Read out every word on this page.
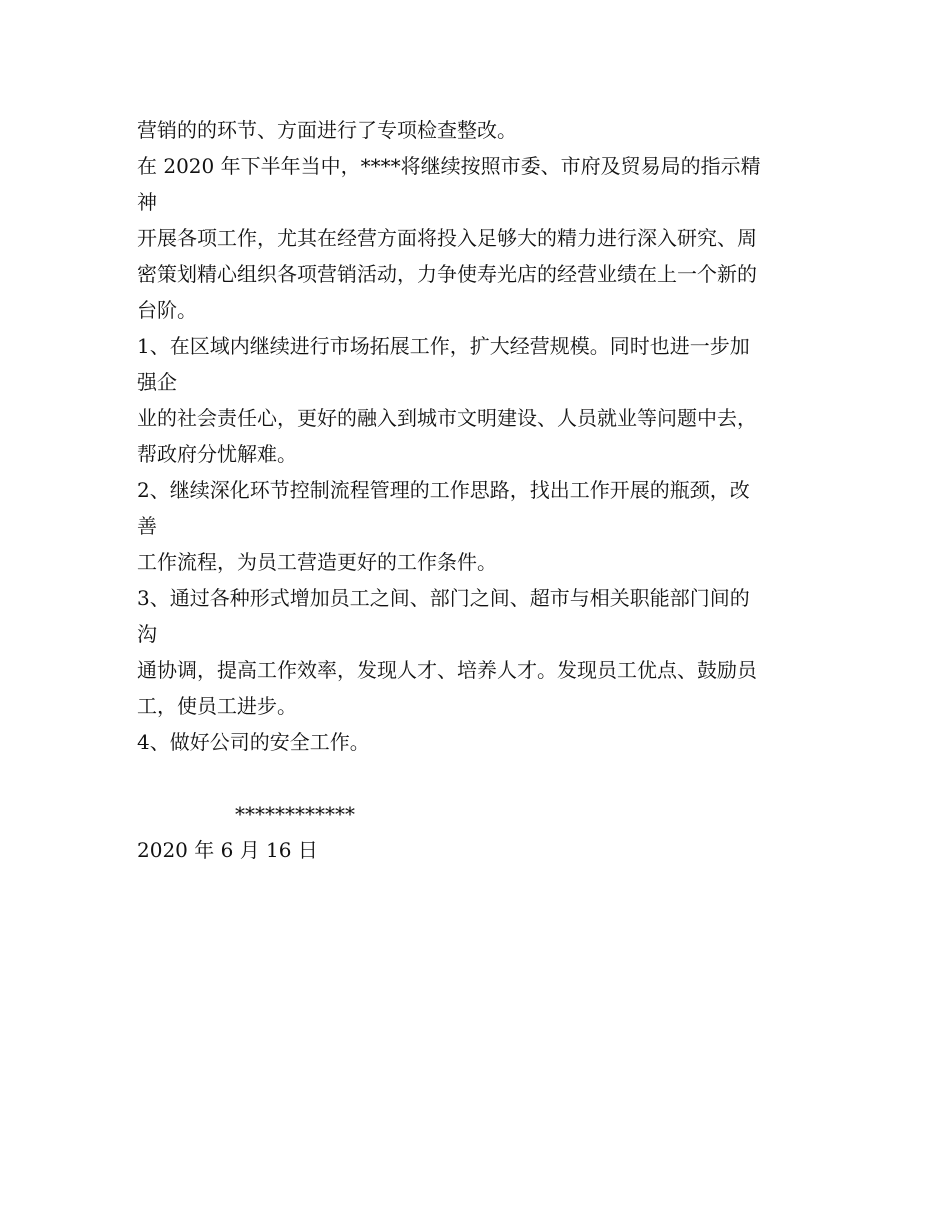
营销的的环节、方面进行了专项检查整改。
在 2020 年下半年当中，****将继续按照市委、市府及贸易局的指示精
神
开展各项工作，尤其在经营方面将投入足够大的精力进行深入研究、周
密策划精心组织各项营销活动，力争使寿光店的经营业绩在上一个新的
台阶。
1、在区域内继续进行市场拓展工作，扩大经营规模。同时也进一步加
强企
业的社会责任心，更好的融入到城市文明建设、人员就业等问题中去，
帮政府分忧解难。
2、继续深化环节控制流程管理的工作思路，找出工作开展的瓶颈，改
善
工作流程，为员工营造更好的工作条件。
3、通过各种形式增加员工之间、部门之间、超市与相关职能部门间的
沟
通协调，提高工作效率，发现人才、培养人才。发现员工优点、鼓励员
工，使员工进步。
4、做好公司的安全工作。
************
2020 年 6 月 16 日
